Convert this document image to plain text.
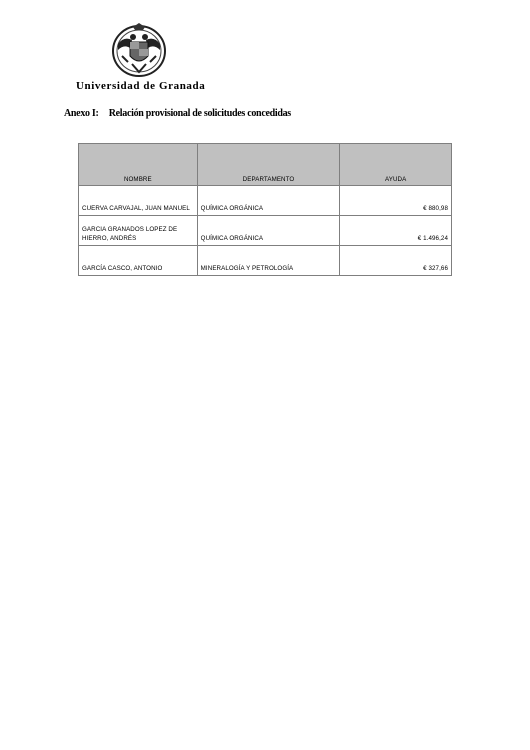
Universidad de Granada
Anexo I: Relación provisional de solicitudes concedidas
NOMBRE	DEPARTAMENTO	AYUDA
CUERVA CARVAJAL, JUAN MANUEL	QUÍMICA ORGÁNICA	€ 880,98
GARCIA GRANADOS LOPEZ DE HIERRO, ANDRÉS	QUÍMICA ORGÁNICA	€ 1.496,24
GARCÍA CASCO, ANTONIO	MINERALOGÍA Y PETROLOGÍA	€ 327,66
